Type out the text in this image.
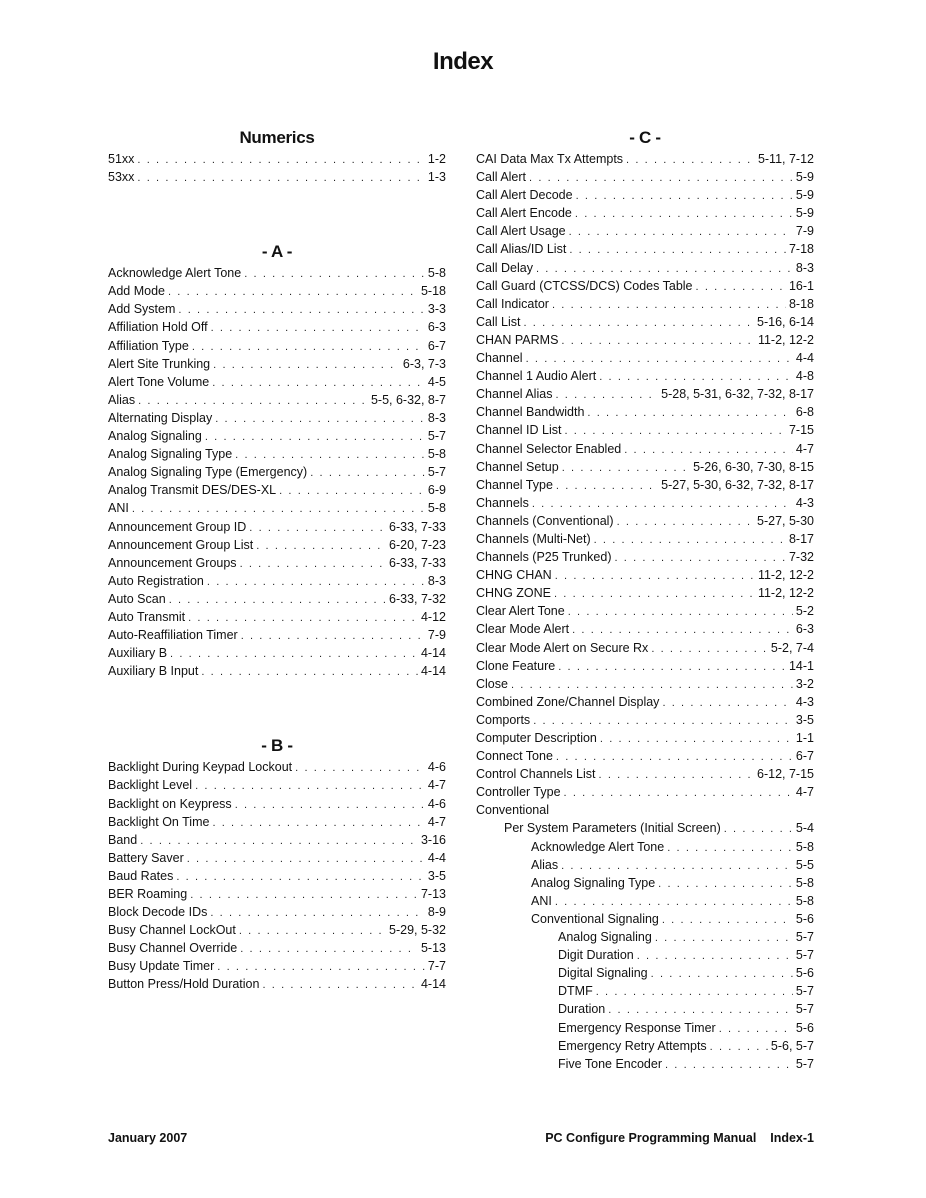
Index
Numerics
51xx . . .	1-2
53xx . . .	1-3
- A -
Acknowledge Alert Tone . . .	5-8
Add Mode . . .	5-18
Add System . . .	3-3
Affiliation Hold Off . . .	6-3
Affiliation Type . . .	6-7
Alert Site Trunking . . .	6-3, 7-3
Alert Tone Volume . . .	4-5
Alias . . .	5-5, 6-32, 8-7
Alternating Display . . .	8-3
Analog Signaling . . .	5-7
Analog Signaling Type . . .	5-8
Analog Signaling Type (Emergency) . . .	5-7
Analog Transmit DES/DES-XL . . .	6-9
ANI . . .	5-8
Announcement Group ID . . .	6-33, 7-33
Announcement Group List . . .	6-20, 7-23
Announcement Groups . . .	6-33, 7-33
Auto Registration . . .	8-3
Auto Scan . . .	6-33, 7-32
Auto Transmit . . .	4-12
Auto-Reaffiliation Timer . . .	7-9
Auxiliary B . . .	4-14
Auxiliary B Input . . .	4-14
- B -
Backlight During Keypad Lockout . . .	4-6
Backlight Level . . .	4-7
Backlight on Keypress . . .	4-6
Backlight On Time . . .	4-7
Band . . .	3-16
Battery Saver . . .	4-4
Baud Rates . . .	3-5
BER Roaming . . .	7-13
Block Decode IDs . . .	8-9
Busy Channel LockOut . . .	5-29, 5-32
Busy Channel Override . . .	5-13
Busy Update Timer . . .	7-7
Button Press/Hold Duration . . .	4-14
- C -
CAI Data Max Tx Attempts . . .	5-11, 7-12
Call Alert . . .	5-9
Call Alert Decode . . .	5-9
Call Alert Encode . . .	5-9
Call Alert Usage . . .	7-9
Call Alias/ID List . . .	7-18
Call Delay . . .	8-3
Call Guard (CTCSS/DCS) Codes Table . . .	16-1
Call Indicator . . .	8-18
Call List . . .	5-16, 6-14
CHAN PARMS . . .	11-2, 12-2
Channel . . .	4-4
Channel 1 Audio Alert . . .	4-8
Channel Alias . . .	5-28, 5-31, 6-32, 7-32, 8-17
Channel Bandwidth . . .	6-8
Channel ID List . . .	7-15
Channel Selector Enabled . . .	4-7
Channel Setup . . .	5-26, 6-30, 7-30, 8-15
Channel Type . . .	5-27, 5-30, 6-32, 7-32, 8-17
Channels . . .	4-3
Channels (Conventional) . . .	5-27, 5-30
Channels (Multi-Net) . . .	8-17
Channels (P25 Trunked) . . .	7-32
CHNG CHAN . . .	11-2, 12-2
CHNG ZONE . . .	11-2, 12-2
Clear Alert Tone . . .	5-2
Clear Mode Alert . . .	6-3
Clear Mode Alert on Secure Rx . . .	5-2, 7-4
Clone Feature . . .	14-1
Close . . .	3-2
Combined Zone/Channel Display . . .	4-3
Comports . . .	3-5
Computer Description . . .	1-1
Connect Tone . . .	6-7
Control Channels List . . .	6-12, 7-15
Controller Type . . .	4-7
Conventional
Per System Parameters (Initial Screen) . . .	5-4
Acknowledge Alert Tone . . .	5-8
Alias . . .	5-5
Analog Signaling Type . . .	5-8
ANI . . .	5-8
Conventional Signaling . . .	5-6
Analog Signaling . . .	5-7
Digit Duration . . .	5-7
Digital Signaling . . .	5-6
DTMF . . .	5-7
Duration . . .	5-7
Emergency Response Timer . . .	5-6
Emergency Retry Attempts . . .	5-6, 5-7
Five Tone Encoder . . .	5-7
January 2007	PC Configure Programming Manual    Index-1
